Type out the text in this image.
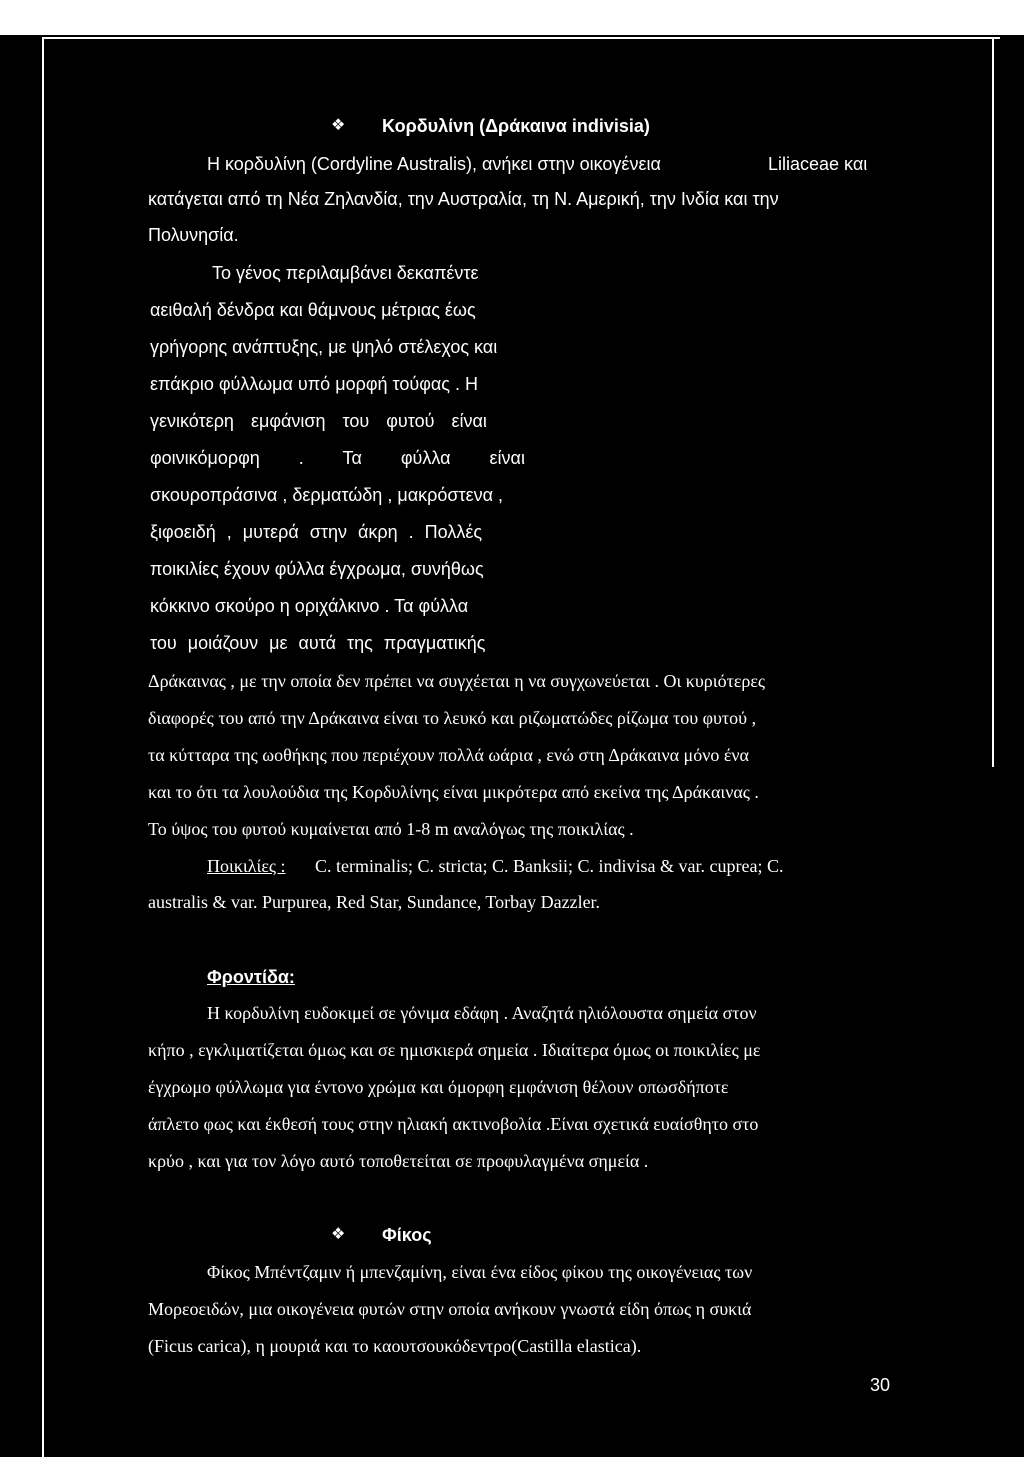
❖ Κορδυλίνη (Δράκαινα indivisia)
Η κορδυλίνη (Cordyline Australis), ανήκει στην οικογένεια	Liliaceae και
κατάγεται από τη Νέα Ζηλανδία, την Αυστραλία, τη Ν. Αμερική, την Ινδία και την
Πολυνησία.
Το γένος περιλαμβάνει δεκαπέντε
αειθαλή δένδρα και θάμνους μέτριας έως
γρήγορης ανάπτυξης, με ψηλό στέλεχος και
επάκριο φύλλωμα υπό μορφή τούφας . Η
γενικότερη εμφάνιση του φυτού είναι
φοινικόμορφη . Τα φύλλα είναι
σκουροπράσινα , δερματώδη , μακρόστενα ,
ξιφοειδή , μυτερά στην άκρη . Πολλές
ποικιλίες έχουν φύλλα έγχρωμα, συνήθως
κόκκινο σκούρο η οριχάλκινο . Τα φύλλα
του μοιάζουν με αυτά της πραγματικής
Δράκαινας , με την οποία δεν πρέπει να συγχέεται η να συγχωνεύεται . Οι κυριότερες
διαφορές του από την Δράκαινα είναι το λευκό και ριζωματώδες ρίζωμα του φυτού ,
τα κύτταρα της ωοθήκης που περιέχουν πολλά ωάρια , ενώ στη Δράκαινα μόνο ένα
και το ότι τα λουλούδια της Κορδυλίνης είναι μικρότερα από εκείνα της Δράκαινας .
Το ύψος του φυτού κυμαίνεται από 1-8 m αναλόγως της ποικιλίας .
Ποικιλίες : C. terminalis; C. stricta; C. Banksii; C. indivisa & var. cuprea; C.
australis & var. Purpurea, Red Star, Sundance, Torbay Dazzler.
Φροντίδα:
Η κορδυλίνη ευδοκιμεί σε γόνιμα εδάφη . Αναζητά ηλιόλουστα σημεία στον
κήπο , εγκλιματίζεται όμως και σε ημισκιερά σημεία . Ιδιαίτερα όμως οι ποικιλίες με
έγχρωμο φύλλωμα για έντονο χρώμα και όμορφη εμφάνιση θέλουν οπωσδήποτε
άπλετο φως και έκθεσή τους στην ηλιακή ακτινοβολία .Είναι σχετικά ευαίσθητο στο
κρύο , και για τον λόγο αυτό τοποθετείται σε προφυλαγμένα σημεία .
❖ Φίκος
Φίκος Μπέντζαμιν ή μπενζαμίνη, είναι ένα είδος φίκου της οικογένειας των
Μορεοειδών, μια οικογένεια φυτών στην οποία ανήκουν γνωστά είδη όπως η συκιά
(Ficus carica), η μουριά και το καουτσουκόδεντρο(Castilla elastica).
30
